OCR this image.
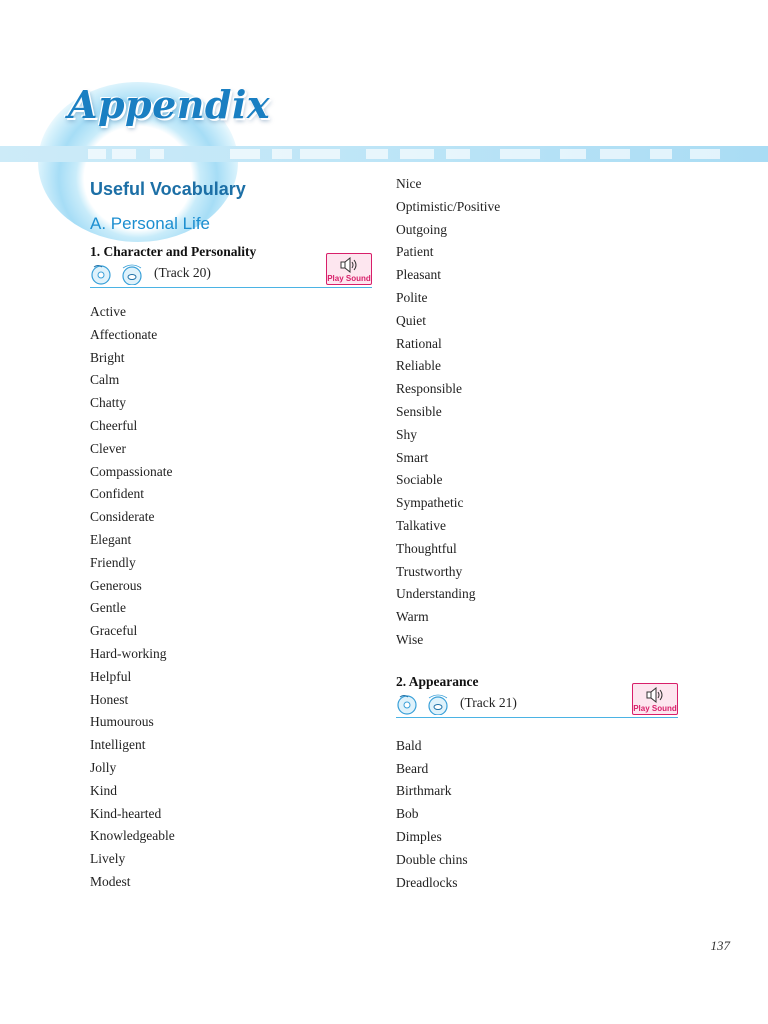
Appendix
Useful Vocabulary
A. Personal Life
1. Character and Personality
(Track 20)	Play Sound
Active
Affectionate
Bright
Calm
Chatty
Cheerful
Clever
Compassionate
Confident
Considerate
Elegant
Friendly
Generous
Gentle
Graceful
Hard-working
Helpful
Honest
Humourous
Intelligent
Jolly
Kind
Kind-hearted
Knowledgeable
Lively
Modest
Nice
Optimistic/Positive
Outgoing
Patient
Pleasant
Polite
Quiet
Rational
Reliable
Responsible
Sensible
Shy
Smart
Sociable
Sympathetic
Talkative
Thoughtful
Trustworthy
Understanding
Warm
Wise
2. Appearance
(Track 21)	Play Sound
Bald
Beard
Birthmark
Bob
Dimples
Double chins
Dreadlocks
137
